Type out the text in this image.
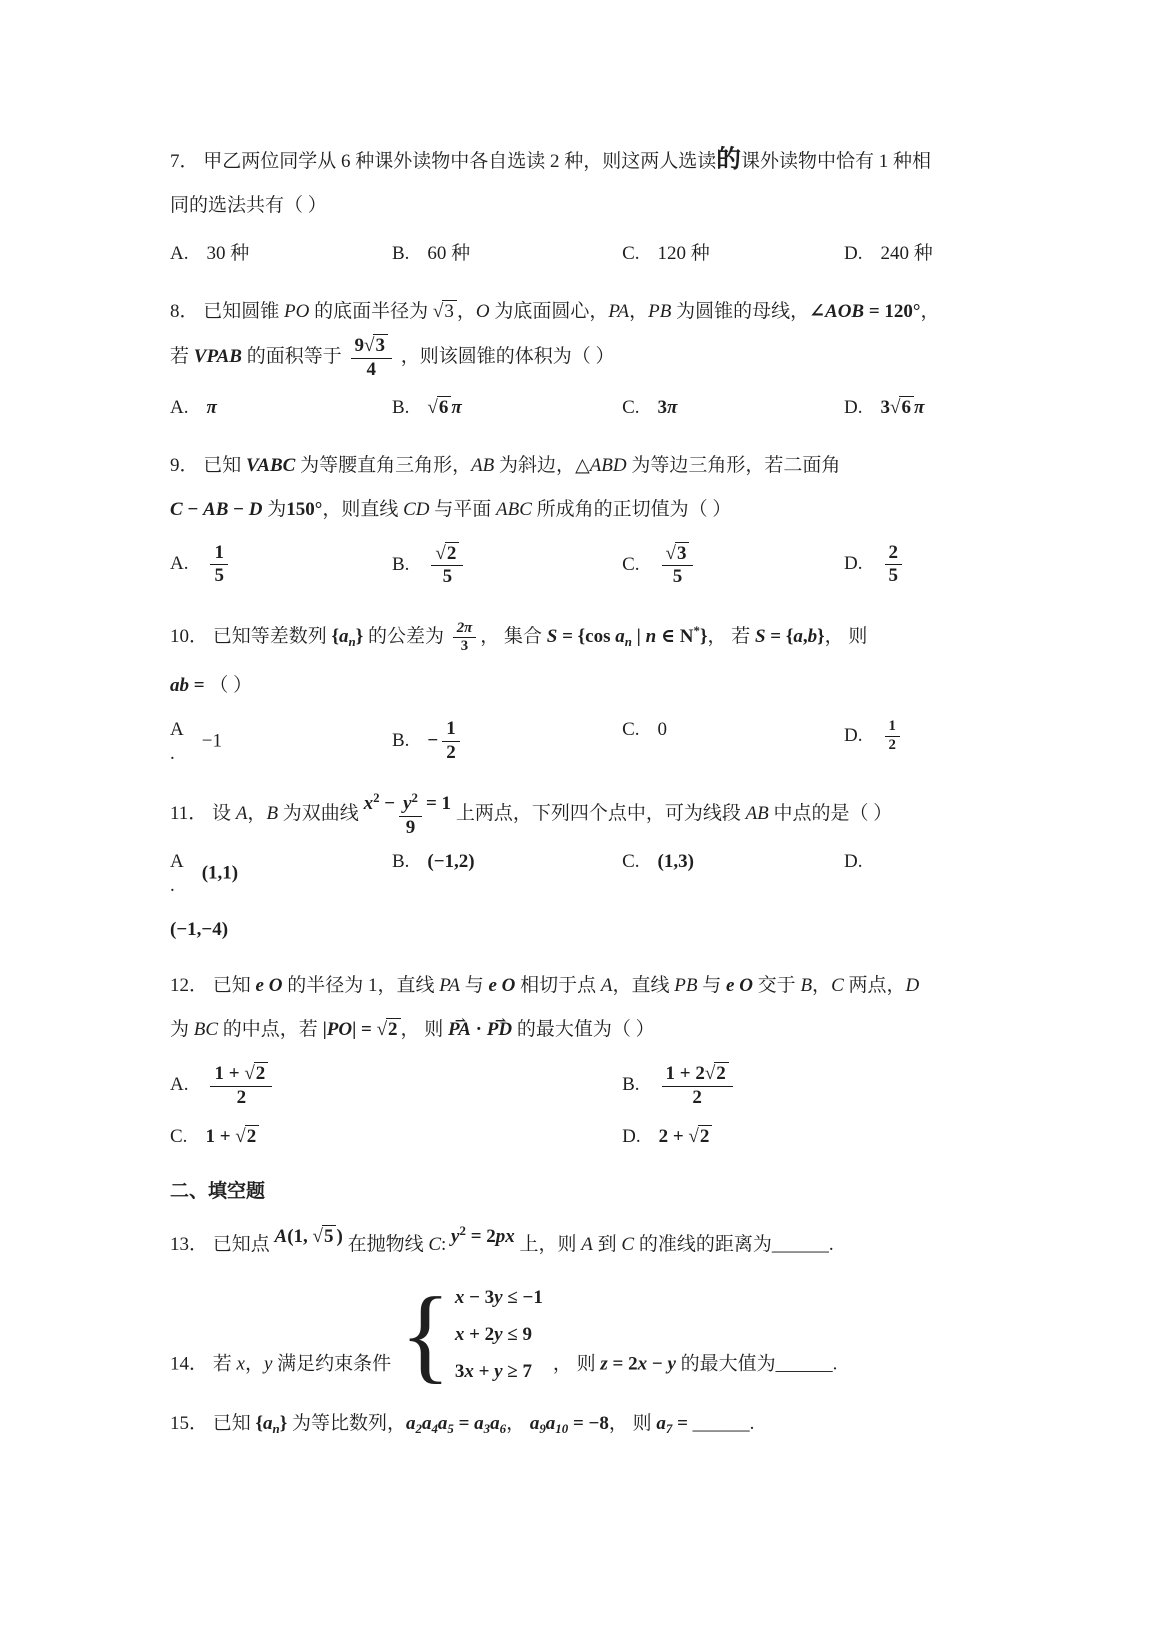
7． 甲乙两位同学从 6 种课外读物中各自选读 2 种，则这两人选读的课外读物中恰有 1 种相

同的选法共有（ ）

A. 30 种	B. 60 种	C. 120 种	D. 240 种

8． 已知圆锥 PO 的底面半径为 √3 ，O 为底面圆心，PA，PB 为圆锥的母线，∠AOB = 120°，

若 VPAB 的面积等于 $\frac{9√3}{4}$ ，则该圆锥的体积为（ ）

A. π	B. √6 π	C. 3π	D. 3√6 π

9． 已知 VABC 为等腰直角三角形，AB 为斜边，△ABD 为等边三角形，若二面角

C − AB − D 为150°，则直线 CD 与平面 ABC 所成角的正切值为（ ）

A. $\frac{1}{5}$	B. $\frac{√2}{5}$	C. $\frac{√3}{5}$	D. $\frac{2}{5}$

10． 已知等差数列 $\{a_n\}$ 的公差为 $\frac{2\pi}{3}$ ， 集合 S = {cos $a_n$ | n ∈ N*}， 若 S = {a,b}， 则

ab = （ ）

A
.
−1	B. − $\frac{1}{2}$	C. 0	D. $\frac{1}{2}$

11． 设 A，B 为双曲线 $x^2 - \frac{y^2}{9} = 1$ 上两点，下列四个点中，可为线段 AB 中点的是（ ）

A
.
(1,1)
B. (−1,2)	C. (1,3)	D.

(−1,−4)

12． 已知 e O 的半径为 1，直线 PA 与 e O 相切于点 A，直线 PB 与 e O 交于 B，C 两点，D

为 BC 的中点，若 |PO| = √2 ， 则 PA ⇀ · PD ⇀ 的最大值为（ ）

A. $\frac{1 + √2}{2}$	B. $\frac{1 + 2√2}{2}$
C. 1 + √2	D. 2 + √2
二、填空题

13． 已知点 A(1, √5 ) 在抛物线 C: $y^2 = 2px$ 上，则 A 到 C 的准线的距离为______.

14． 若 x，y 满足约束条件 { x − 3y ≤ −1
x + 2y ≤ 9
3x + y ≥ 7	， 则 z = 2x − y 的最大值为______.

15． 已知 $\{a_n\}$ 为等比数列，$a_2a_4a_5 = a_3a_6$， $a_9a_{10} = -8$， 则 $a_7$ = ______.
